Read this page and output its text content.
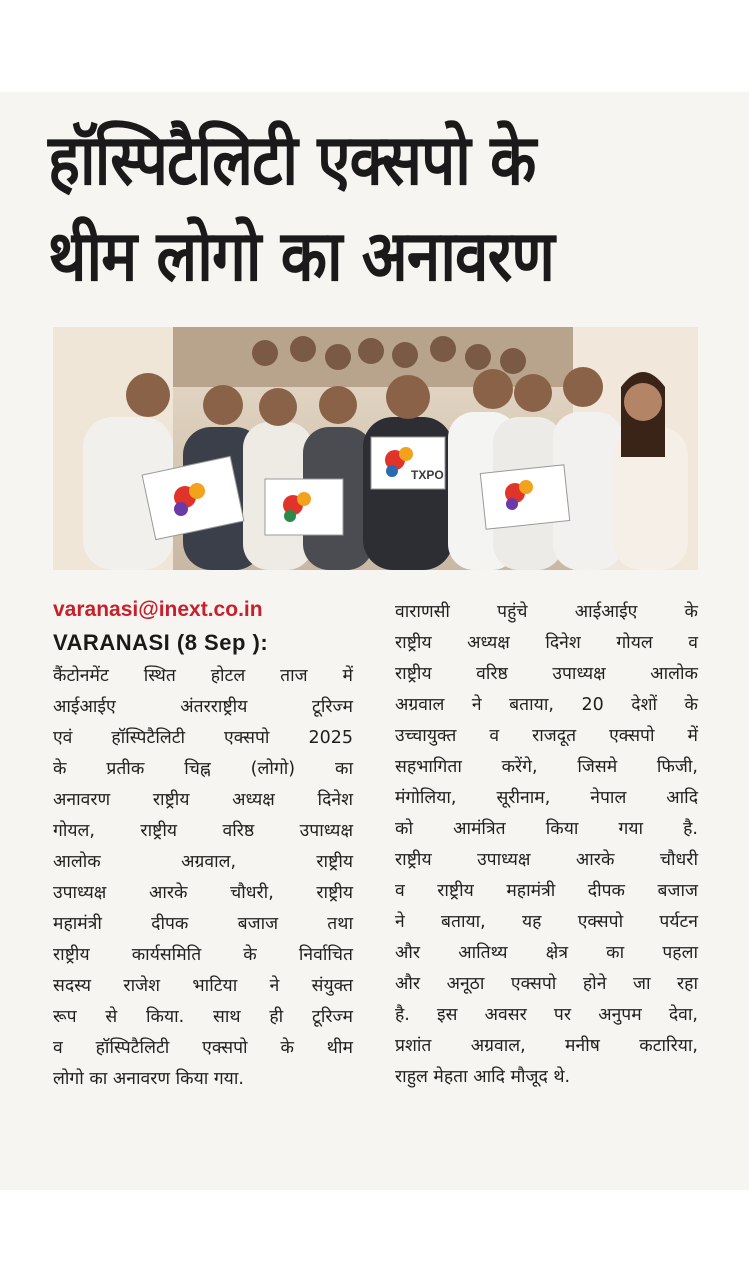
हॉस्पिटैलिटी एक्सपो के
थीम लोगो का अनावरण
TXPO
varanasi@inext.co.in
VARANASI (8 Sep ):
कैंटोनमेंट स्थित होटल ताज में
आईआईए अंतरराष्ट्रीय टूरिज्म
एवं हॉस्पिटैलिटी एक्सपो 2025
के प्रतीक चिह्न (लोगो) का
अनावरण राष्ट्रीय अध्यक्ष दिनेश
गोयल, राष्ट्रीय वरिष्ठ उपाध्यक्ष
आलोक अग्रवाल, राष्ट्रीय
उपाध्यक्ष आरके चौधरी, राष्ट्रीय
महामंत्री दीपक बजाज तथा
राष्ट्रीय कार्यसमिति के निर्वाचित
सदस्य राजेश भाटिया ने संयुक्त
रूप से किया. साथ ही टूरिज्म
व हॉस्पिटैलिटी एक्सपो के थीम
लोगो का अनावरण किया गया.
वाराणसी पहुंचे आईआईए के
राष्ट्रीय अध्यक्ष दिनेश गोयल व
राष्ट्रीय वरिष्ठ उपाध्यक्ष आलोक
अग्रवाल ने बताया, 20 देशों के
उच्चायुक्त व राजदूत एक्सपो में
सहभागिता करेंगे, जिसमे फिजी,
मंगोलिया, सूरीनाम, नेपाल आदि
को आमंत्रित किया गया है.
राष्ट्रीय उपाध्यक्ष आरके चौधरी
व राष्ट्रीय महामंत्री दीपक बजाज
ने बताया, यह एक्सपो पर्यटन
और आतिथ्य क्षेत्र का पहला
और अनूठा एक्सपो होने जा रहा
है. इस अवसर पर अनुपम देवा,
प्रशांत अग्रवाल, मनीष कटारिया,
राहुल मेहता आदि मौजूद थे.
